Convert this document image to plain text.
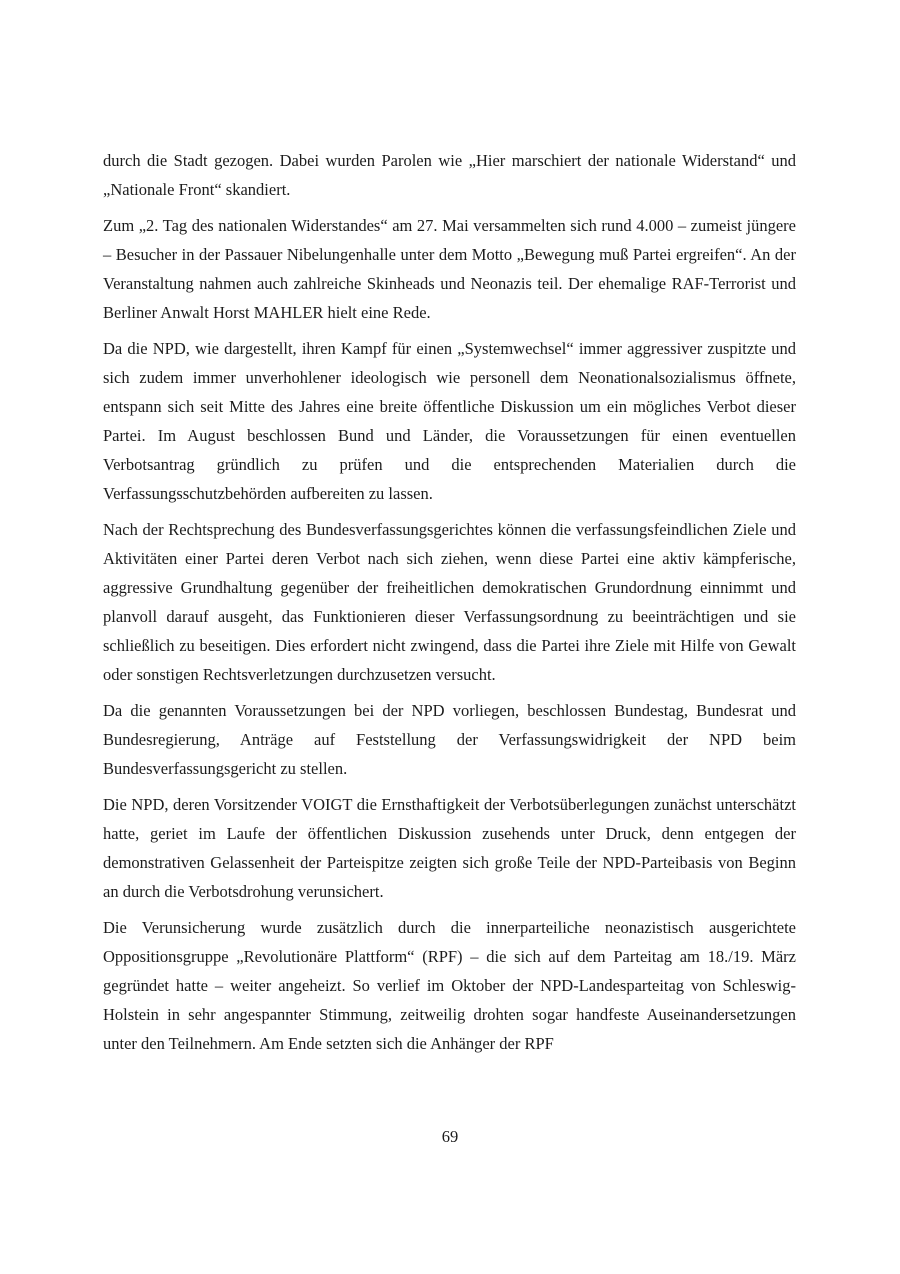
durch die Stadt gezogen. Dabei wurden Parolen wie „Hier marschiert der nationale Widerstand“ und „Nationale Front“ skandiert.

Zum „2. Tag des nationalen Widerstandes“ am 27. Mai versammelten sich rund 4.000 – zumeist jüngere – Besucher in der Passauer Nibelungenhalle unter dem Motto „Bewegung muß Partei ergreifen“. An der Veranstaltung nahmen auch zahlreiche Skinheads und Neonazis teil. Der ehemalige RAF-Terrorist und Berliner Anwalt Horst MAHLER hielt eine Rede.

Da die NPD, wie dargestellt, ihren Kampf für einen „Systemwechsel“ immer aggressiver zuspitzte und sich zudem immer unverhohlener ideologisch wie personell dem Neonationalsozialismus öffnete, entspann sich seit Mitte des Jahres eine breite öffentliche Diskussion um ein mögliches Verbot dieser Partei. Im August beschlossen Bund und Länder, die Voraussetzungen für einen eventuellen Verbotsantrag gründlich zu prüfen und die entsprechenden Materialien durch die Verfassungsschutzbehörden aufbereiten zu lassen.

Nach der Rechtsprechung des Bundesverfassungsgerichtes können die verfassungsfeindlichen Ziele und Aktivitäten einer Partei deren Verbot nach sich ziehen, wenn diese Partei eine aktiv kämpferische, aggressive Grundhaltung gegenüber der freiheitlichen demokratischen Grundordnung einnimmt und planvoll darauf ausgeht, das Funktionieren dieser Verfassungsordnung zu beeinträchtigen und sie schließlich zu beseitigen. Dies erfordert nicht zwingend, dass die Partei ihre Ziele mit Hilfe von Gewalt oder sonstigen Rechtsverletzungen durchzusetzen versucht.

Da die genannten Voraussetzungen bei der NPD vorliegen, beschlossen Bundestag, Bundesrat und Bundesregierung, Anträge auf Feststellung der Verfassungswidrigkeit der NPD beim Bundesverfassungsgericht zu stellen.

Die NPD, deren Vorsitzender VOIGT die Ernsthaftigkeit der Verbotsüberlegungen zunächst unterschätzt hatte, geriet im Laufe der öffentlichen Diskussion zusehends unter Druck, denn entgegen der demonstrativen Gelassenheit der Parteispitze zeigten sich große Teile der NPD-Parteibasis von Beginn an durch die Verbotsdrohung verunsichert.

Die Verunsicherung wurde zusätzlich durch die innerparteiliche neonazistisch ausgerichtete Oppositionsgruppe „Revolutionäre Plattform“ (RPF) – die sich auf dem Parteitag am 18./19. März gegründet hatte – weiter angeheizt. So verlief im Oktober der NPD-Landesparteitag von Schleswig-Holstein in sehr angespannter Stimmung, zeitweilig drohten sogar handfeste Auseinandersetzungen unter den Teilnehmern. Am Ende setzten sich die Anhänger der RPF

69
